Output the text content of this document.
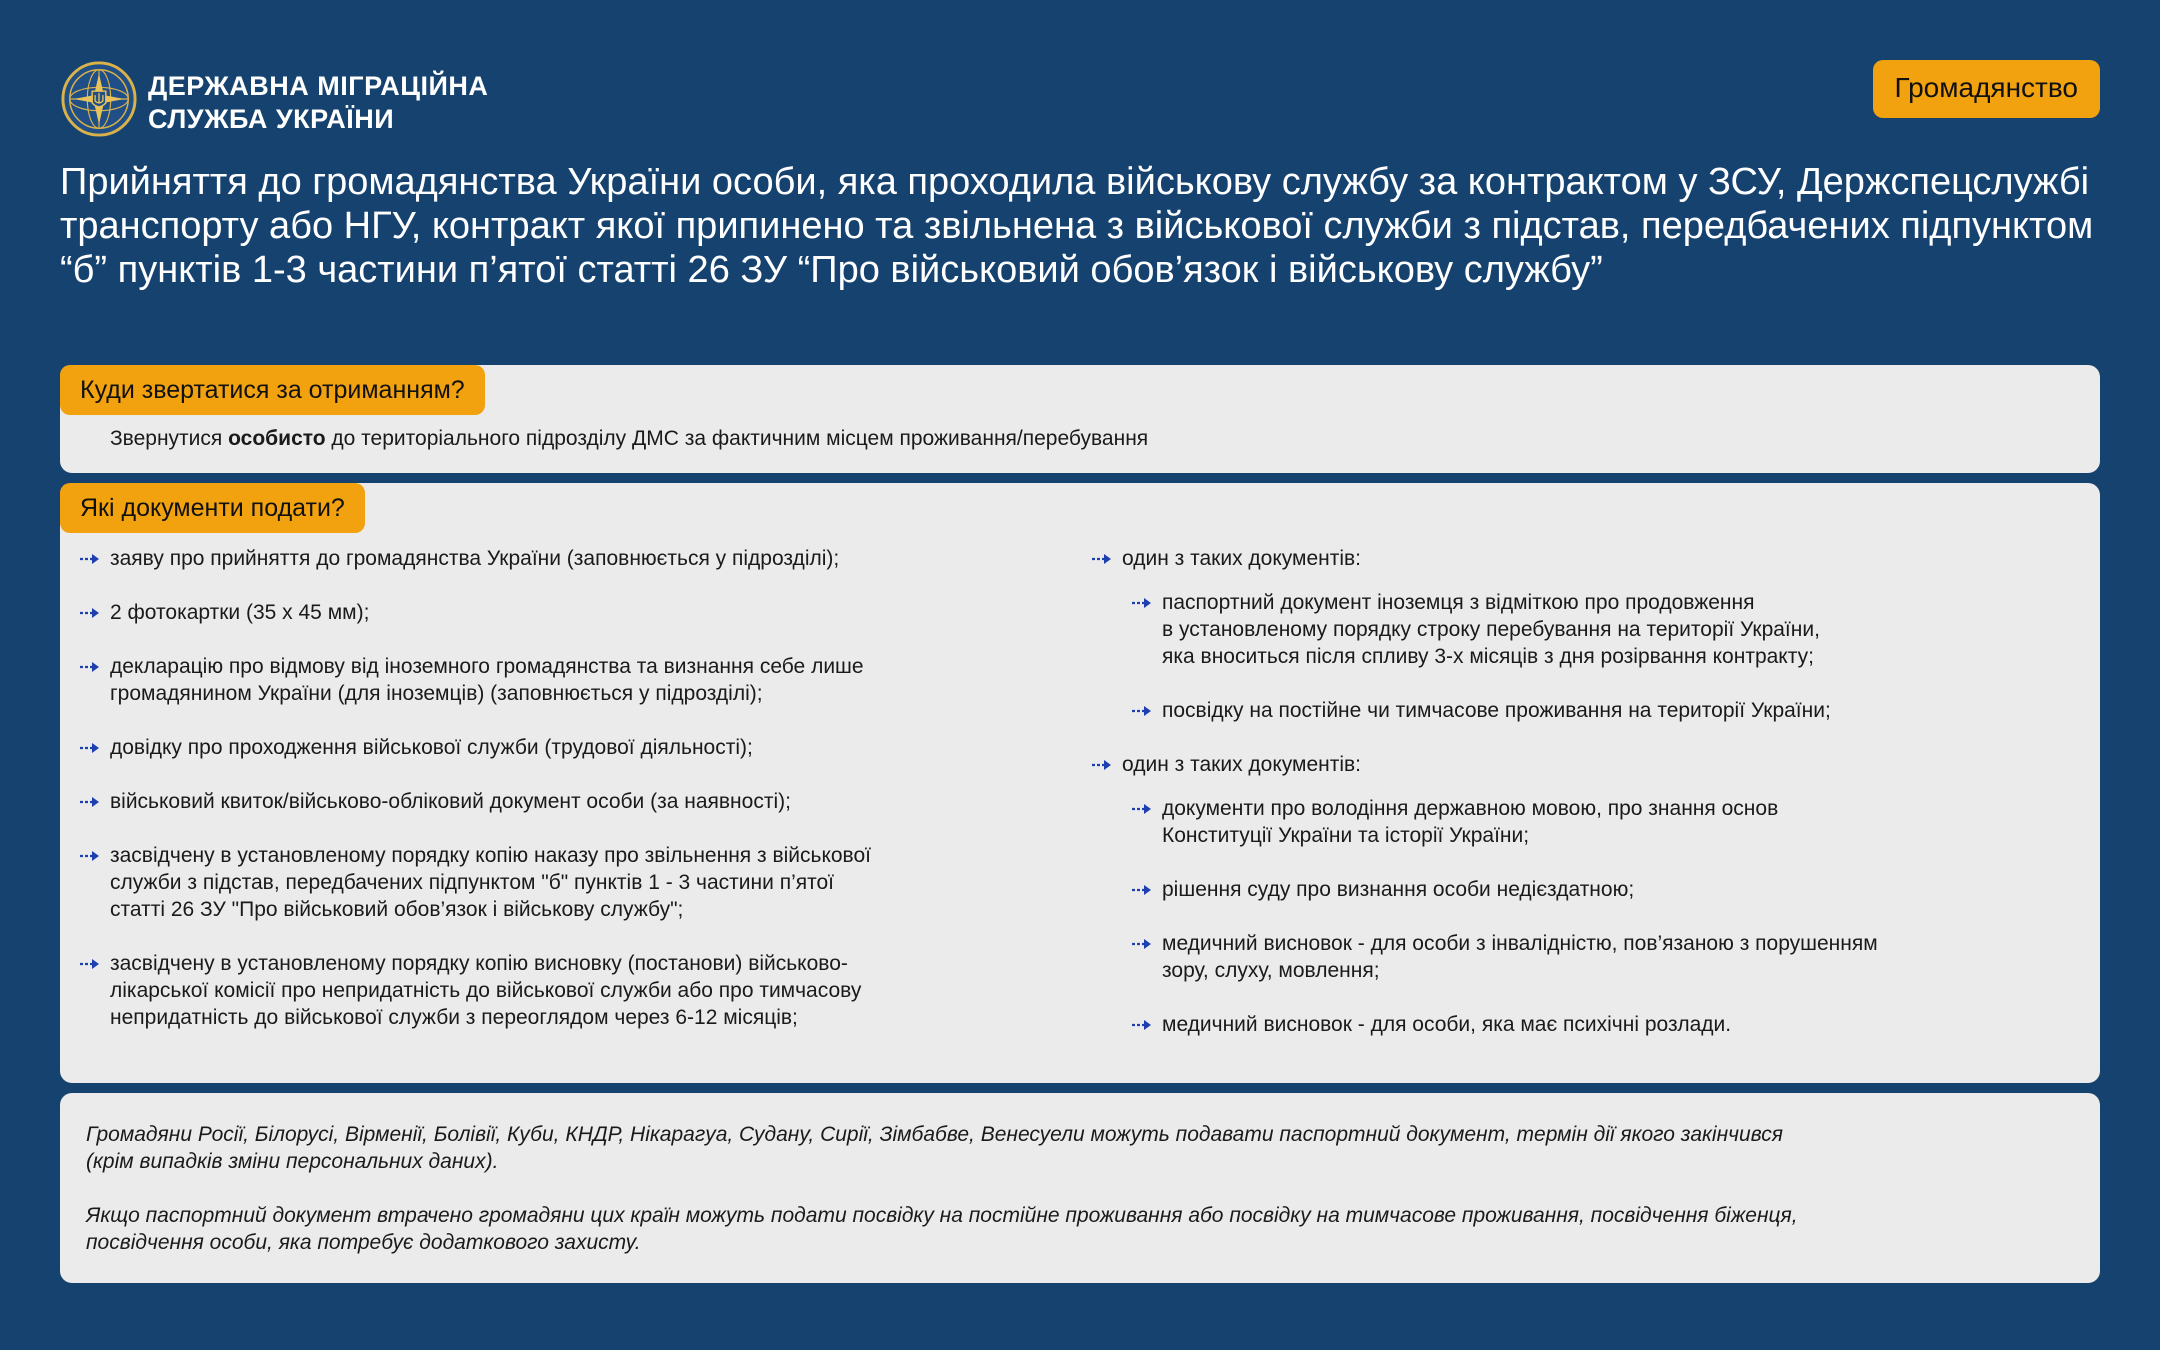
ДЕРЖАВНА МІГРАЦІЙНА
СЛУЖБА УКРАЇНИ
Громадянство
Прийняття до громадянства України особи, яка проходила військову службу за контрактом у ЗСУ, Держспецслужбі транспорту або НГУ, контракт якої припинено та звільнена з військової служби з підстав, передбачених підпунктом “б” пунктів 1-3 частини п’ятої статті 26 ЗУ “Про військовий обов’язок і військову службу”
Куди звертатися за отриманням?
Звернутися особисто до територіального підрозділу ДМС за фактичним місцем проживання/перебування
Які документи подати?
заяву про прийняття до громадянства України (заповнюється у підрозділі);
2 фотокартки (35 х 45 мм);
декларацію про відмову від іноземного громадянства та визнання себе лише
громадянином України (для іноземців) (заповнюється у підрозділі);
довідку про проходження військової служби (трудової діяльності);
військовий квиток/військово-обліковий документ особи (за наявності);
засвідчену в установленому порядку копію наказу про звільнення з військової
служби з підстав, передбачених підпунктом "б" пунктів 1 - 3 частини п’ятої
статті 26 ЗУ "Про військовий обов’язок і військову службу";
засвідчену в установленому порядку копію висновку (постанови) військово-
лікарської комісії про непридатність до військової служби або про тимчасову
непридатність до військової служби з переоглядом через 6-12 місяців;
один з таких документів:
паспортний документ іноземця з відміткою про продовження
в установленому порядку строку перебування на території України,
яка вноситься після спливу 3-х місяців з дня розірвання контракту;
посвідку на постійне чи тимчасове проживання на території України;
один з таких документів:
документи про володіння державною мовою, про знання основ
Конституції України та історії України;
рішення суду про визнання особи недієздатною;
медичний висновок - для особи з інвалідністю, пов’язаною з порушенням
зору, слуху, мовлення;
медичний висновок - для особи, яка має психічні розлади.

Громадяни Росії, Білорусі, Вірменії, Болівії, Куби, КНДР, Нікарагуа, Судану, Сирії, Зімбабве, Венесуели можуть подавати паспортний документ, термін дії якого закінчився
(крім випадків зміни персональних даних).

Якщо паспортний документ втрачено громадяни цих країн можуть подати посвідку на постійне проживання або посвідку на тимчасове проживання, посвідчення біженця,
посвідчення особи, яка потребує додаткового захисту.
